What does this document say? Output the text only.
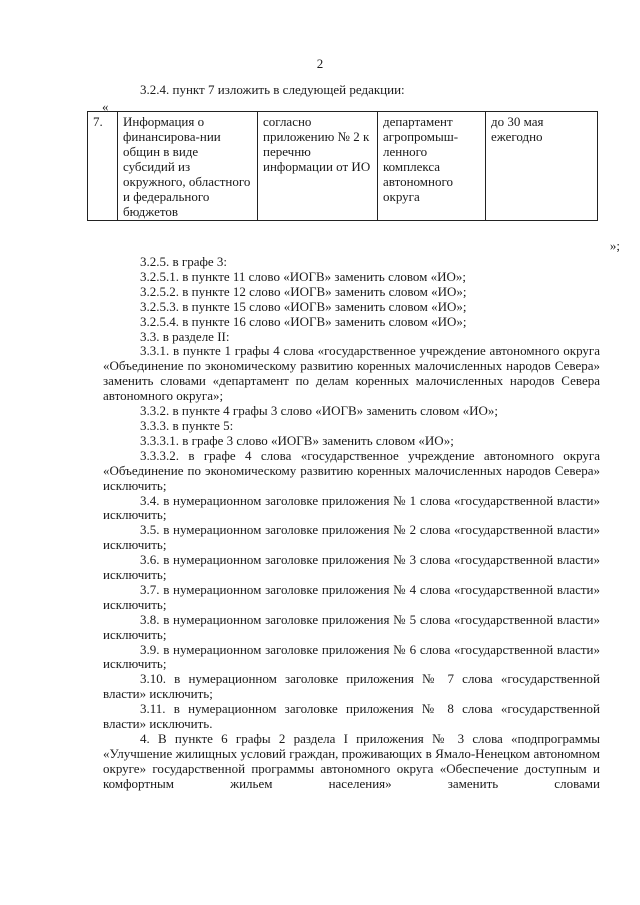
2
3.2.4. пункт 7 изложить в следующей редакции:
«
7.	Информация о финансирова-нии общин в виде субсидий из окружного, областного и федерального бюджетов	согласно приложению № 2 к перечню информации от ИО	департамент агропромыш-ленного комплекса автономного округа	до 30 мая ежегодно
»;

3.2.5. в графе 3:

3.2.5.1. в пункте 11 слово «ИОГВ» заменить словом «ИО»;

3.2.5.2. в пункте 12 слово «ИОГВ» заменить словом «ИО»;

3.2.5.3. в пункте 15 слово «ИОГВ» заменить словом «ИО»;

3.2.5.4. в пункте 16 слово «ИОГВ» заменить словом «ИО»;

3.3. в разделе II:

3.3.1. в пункте 1 графы 4 слова «государственное учреждение автономного округа «Объединение по экономическому развитию коренных малочисленных народов Севера» заменить словами «департамент по делам коренных малочисленных народов Севера автономного округа»;

3.3.2. в пункте 4 графы 3 слово «ИОГВ» заменить словом «ИО»;

3.3.3. в пункте 5:

3.3.3.1. в графе 3 слово «ИОГВ» заменить словом «ИО»;

3.3.3.2. в графе 4 слова «государственное учреждение автономного округа «Объединение по экономическому развитию коренных малочисленных народов Севера» исключить;

3.4. в нумерационном заголовке приложения № 1 слова «государственной власти» исключить;

3.5. в нумерационном заголовке приложения № 2 слова «государственной власти» исключить;

3.6. в нумерационном заголовке приложения № 3 слова «государственной власти» исключить;

3.7. в нумерационном заголовке приложения № 4 слова «государственной власти» исключить;

3.8. в нумерационном заголовке приложения № 5 слова «государственной власти» исключить;

3.9. в нумерационном заголовке приложения № 6 слова «государственной власти» исключить;

3.10. в нумерационном заголовке приложения № 7 слова «государственной власти» исключить;

3.11. в нумерационном заголовке приложения № 8 слова «государственной власти» исключить.

4. В пункте 6 графы 2 раздела I приложения № 3 слова «подпрограммы «Улучшение жилищных условий граждан, проживающих в Ямало-Ненецком автономном округе» государственной программы автономного округа «Обеспечение доступным и комфортным жильем населения» заменить словами
